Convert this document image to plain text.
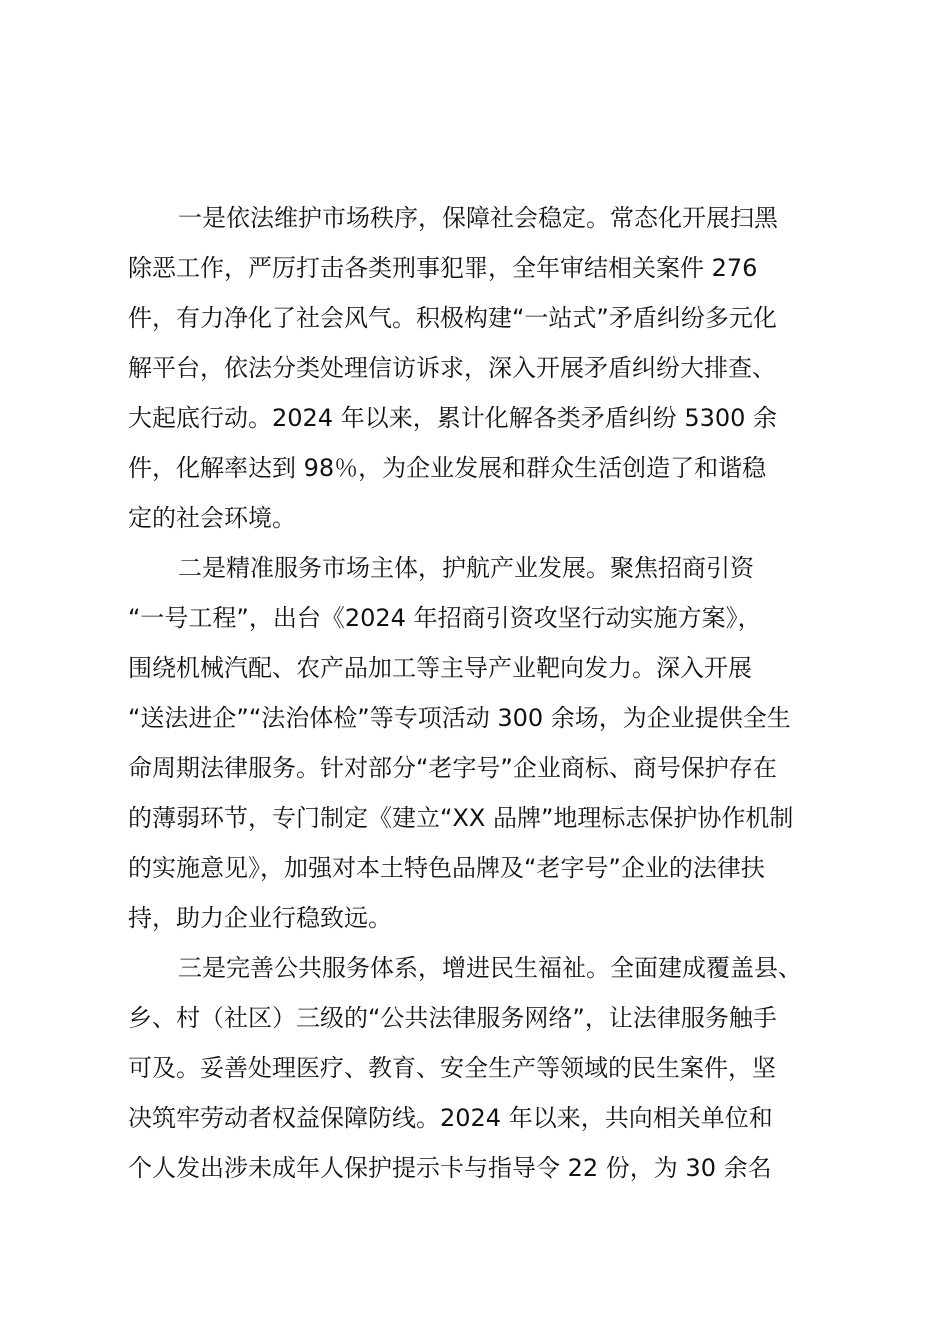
一是依法维护市场秩序，保障社会稳定。常态化开展扫黑
除恶工作，严厉打击各类刑事犯罪，全年审结相关案件 276
件，有力净化了社会风气。积极构建“一站式”矛盾纠纷多元化
解平台，依法分类处理信访诉求，深入开展矛盾纠纷大排查、
大起底行动。2024 年以来，累计化解各类矛盾纠纷 5300 余
件，化解率达到 98％，为企业发展和群众生活创造了和谐稳
定的社会环境。
二是精准服务市场主体，护航产业发展。聚焦招商引资
“一号工程”，出台《2024 年招商引资攻坚行动实施方案》，
围绕机械汽配、农产品加工等主导产业靶向发力。深入开展
“送法进企”“法治体检”等专项活动 300 余场，为企业提供全生
命周期法律服务。针对部分“老字号”企业商标、商号保护存在
的薄弱环节，专门制定《建立“XX 品牌”地理标志保护协作机制
的实施意见》，加强对本土特色品牌及“老字号”企业的法律扶
持，助力企业行稳致远。
三是完善公共服务体系，增进民生福祉。全面建成覆盖县、
乡、村（社区）三级的“公共法律服务网络”，让法律服务触手
可及。妥善处理医疗、教育、安全生产等领域的民生案件，坚
决筑牢劳动者权益保障防线。2024 年以来，共向相关单位和
个人发出涉未成年人保护提示卡与指导令 22 份，为 30 余名
